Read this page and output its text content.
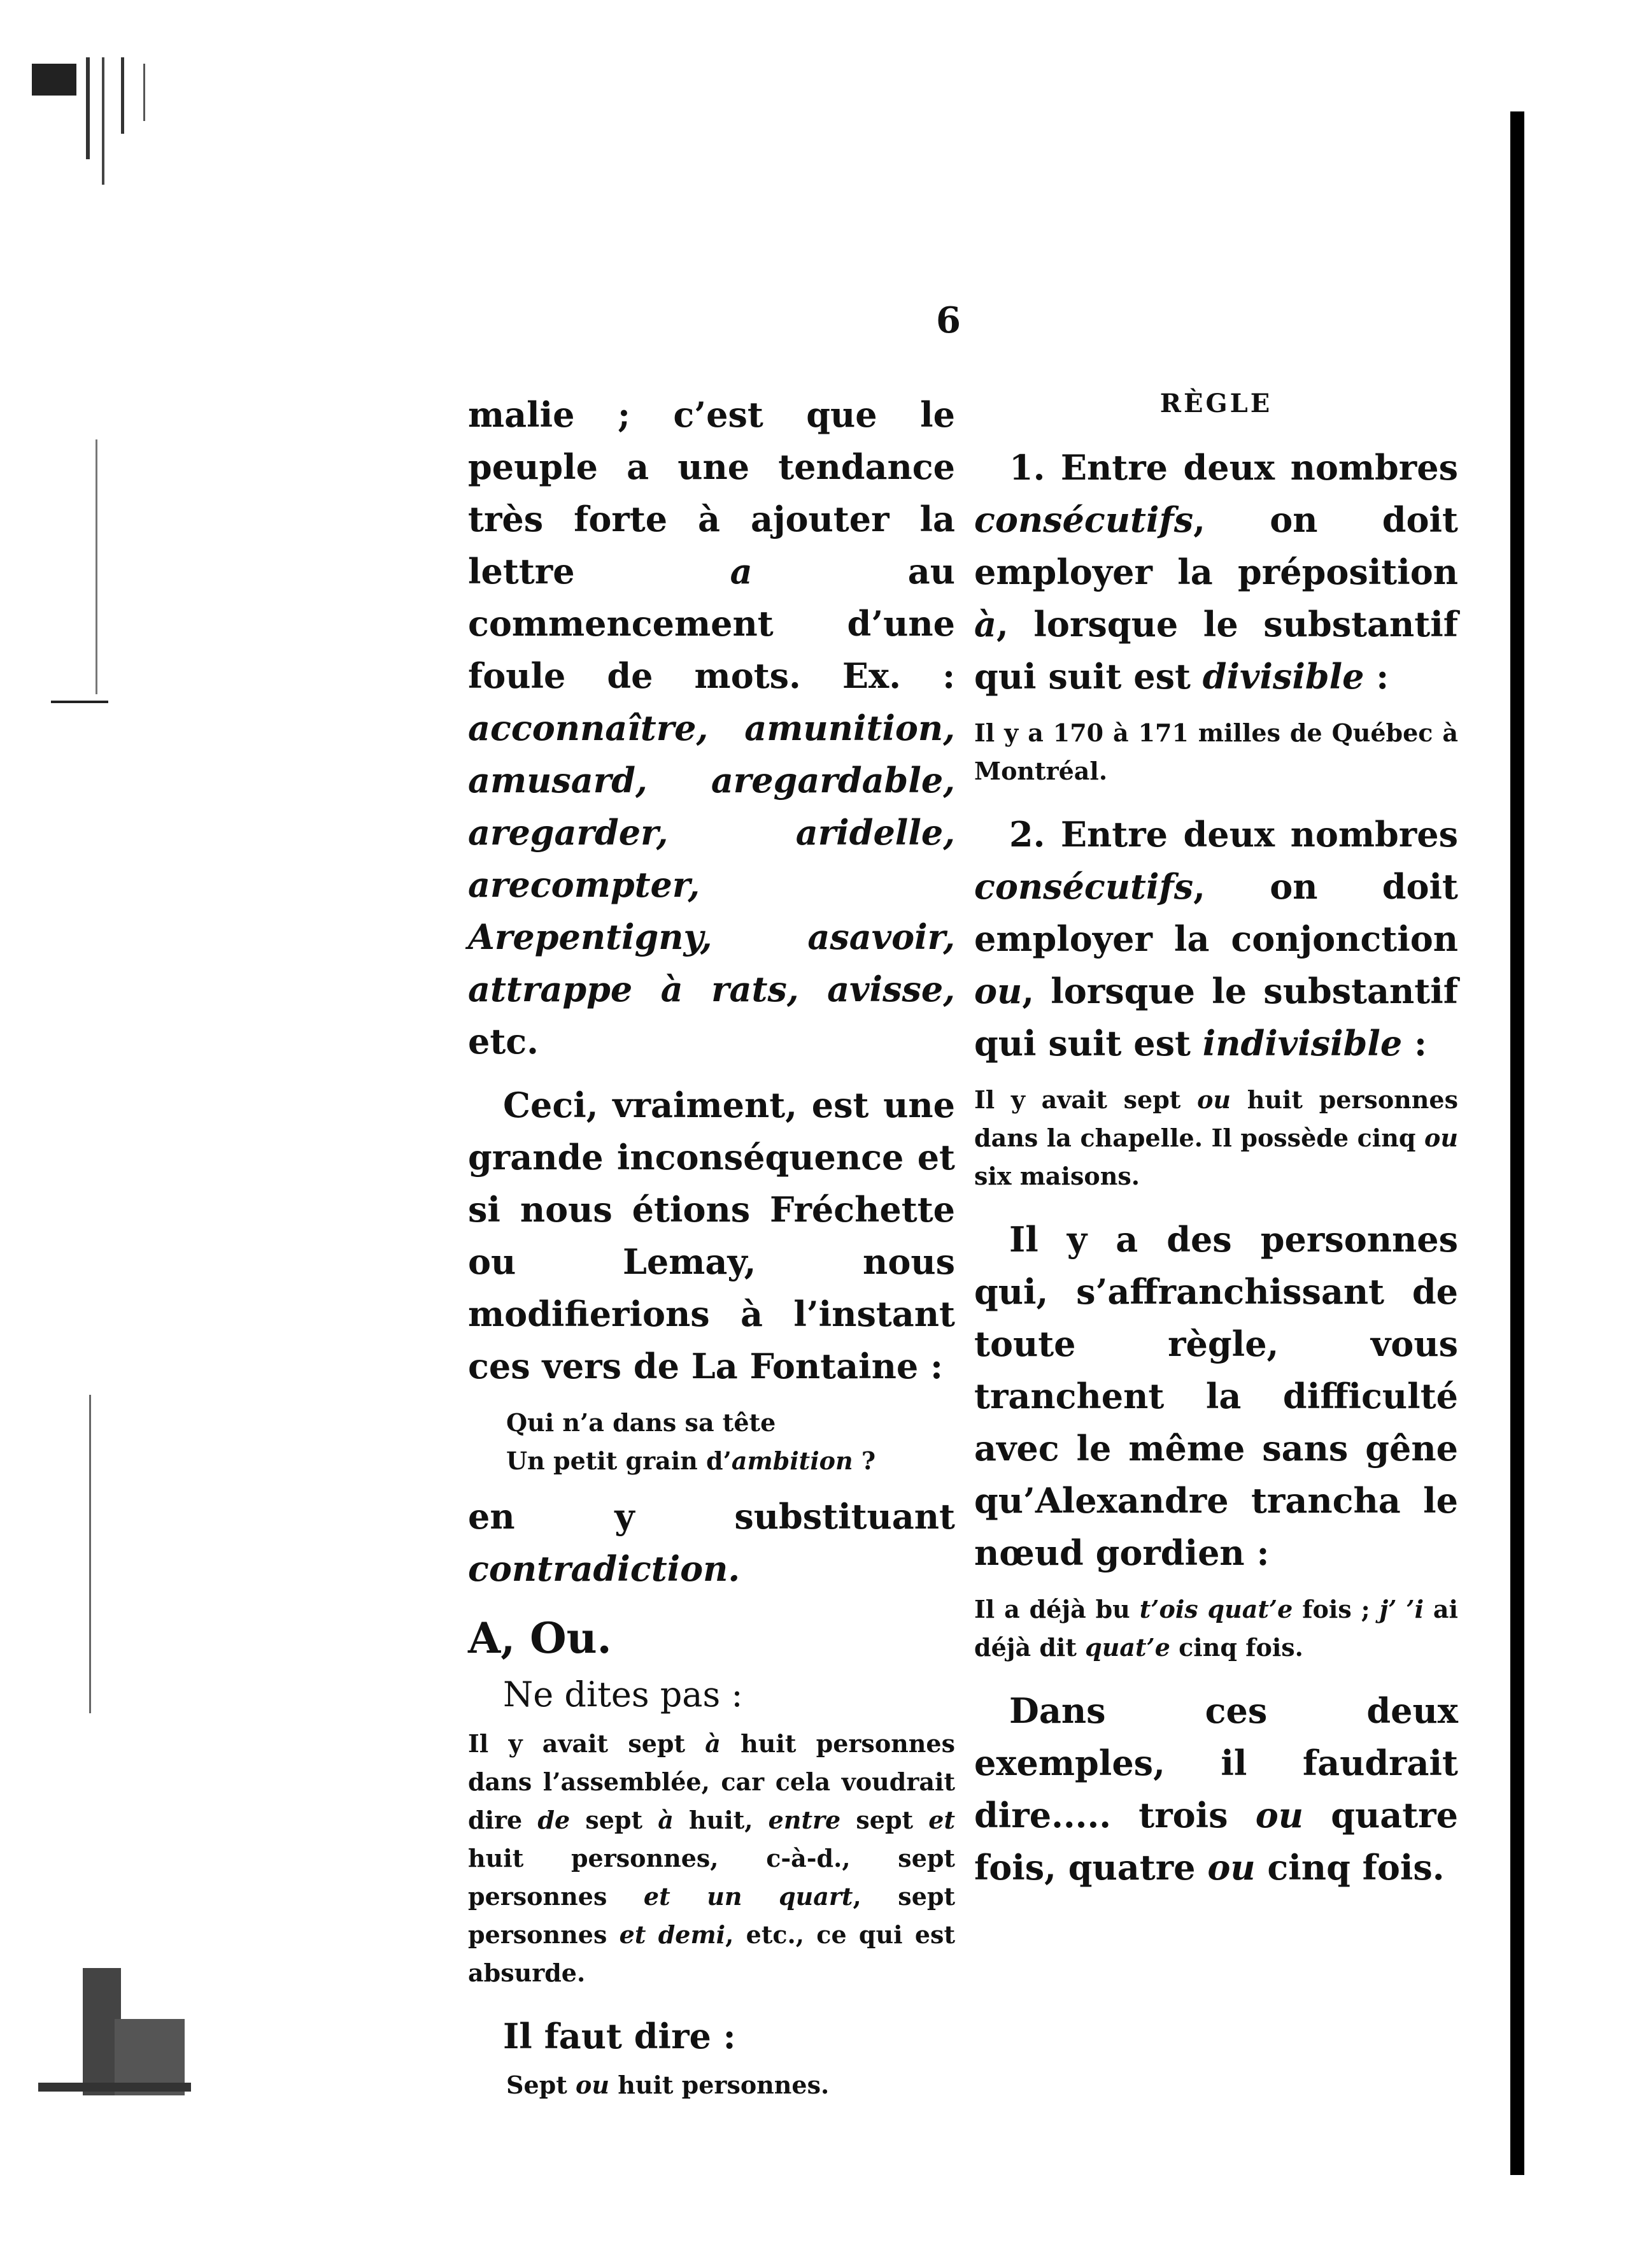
6

malie ; c’est que le peuple a une tendance très forte à ajouter la lettre a au commencement d’une foule de mots. Ex. : acconnaître, amunition, amusard, aregardable, aregarder, aridelle, arecompter, Arepentigny, asavoir, attrappe à rats, avisse, etc.

Ceci, vraiment, est une grande inconséquence et si nous étions Fréchette ou Lemay, nous modifierions à l’instant ces vers de La Fontaine :

Qui n’a dans sa tête
Un petit grain d’ambition ?

en y substituant contradiction.

A, Ou.

Ne dites pas :

Il y avait sept à huit personnes dans l’assemblée, car cela voudrait dire de sept à huit, entre sept et huit personnes, c-à-d., sept personnes et un quart, sept personnes et demi, etc., ce qui est absurde.

Il faut dire :

Sept ou huit personnes.

RÈGLE

1. Entre deux nombres consécutifs, on doit employer la préposition à, lorsque le substantif qui suit est divisible :

Il y a 170 à 171 milles de Québec à Montréal.

2. Entre deux nombres consécutifs, on doit employer la conjonction ou, lorsque le substantif qui suit est indivisible :

Il y avait sept ou huit personnes dans la chapelle. Il possède cinq ou six maisons.

Il y a des personnes qui, s’affranchissant de toute règle, vous tranchent la difficulté avec le même sans gêne qu’Alexandre trancha le nœud gordien :

Il a déjà bu t’ois quat’e fois ; j’ ’i ai déjà dit quat’e cinq fois.

Dans ces deux exemples, il faudrait dire..... trois ou quatre fois, quatre ou cinq fois.
